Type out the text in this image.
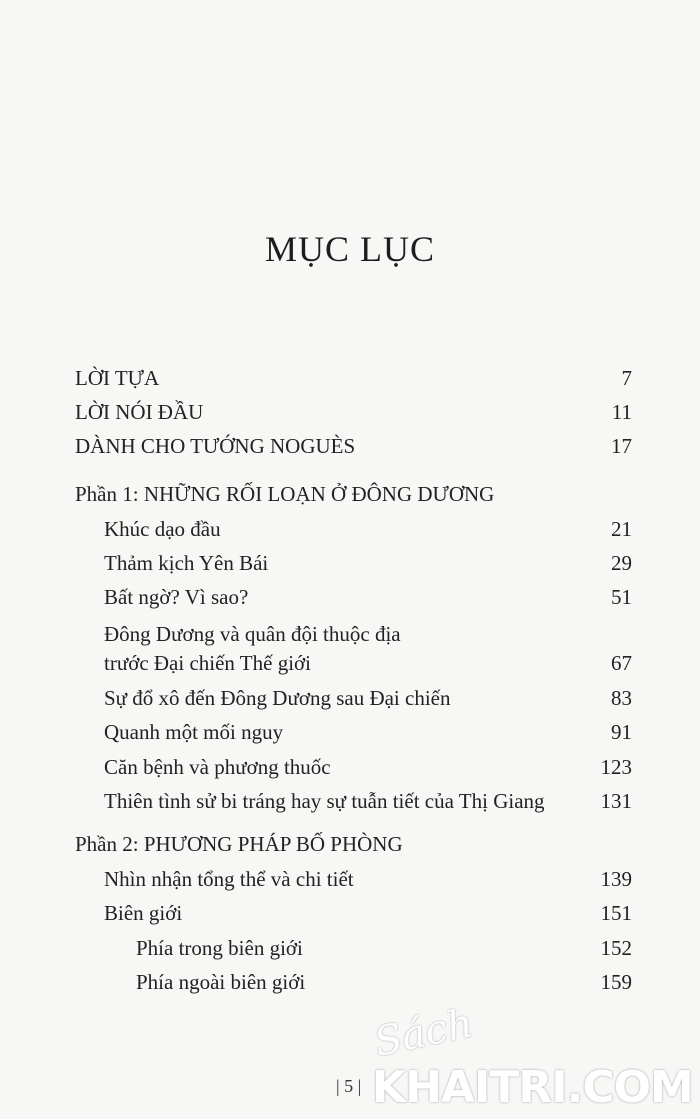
MỤC LỤC
LỜI TỰA	7
LỜI NÓI ĐẦU	11
DÀNH CHO TƯỚNG NOGUÈS	17
Phần 1: NHỮNG RỐI LOẠN Ở ĐÔNG DƯƠNG
Khúc dạo đầu	21
Thảm kịch Yên Bái	29
Bất ngờ? Vì sao?	51
Đông Dương và quân đội thuộc địa
trước Đại chiến Thế giới	67
Sự đổ xô đến Đông Dương sau Đại chiến	83
Quanh một mối nguy	91
Căn bệnh và phương thuốc	123
Thiên tình sử bi tráng hay sự tuẫn tiết của Thị Giang	131
Phần 2: PHƯƠNG PHÁP BỐ PHÒNG
Nhìn nhận tổng thể và chi tiết	139
Biên giới	151
Phía trong biên giới	152
Phía ngoài biên giới	159
| 5 |
Sách
KHAITRI.COM
